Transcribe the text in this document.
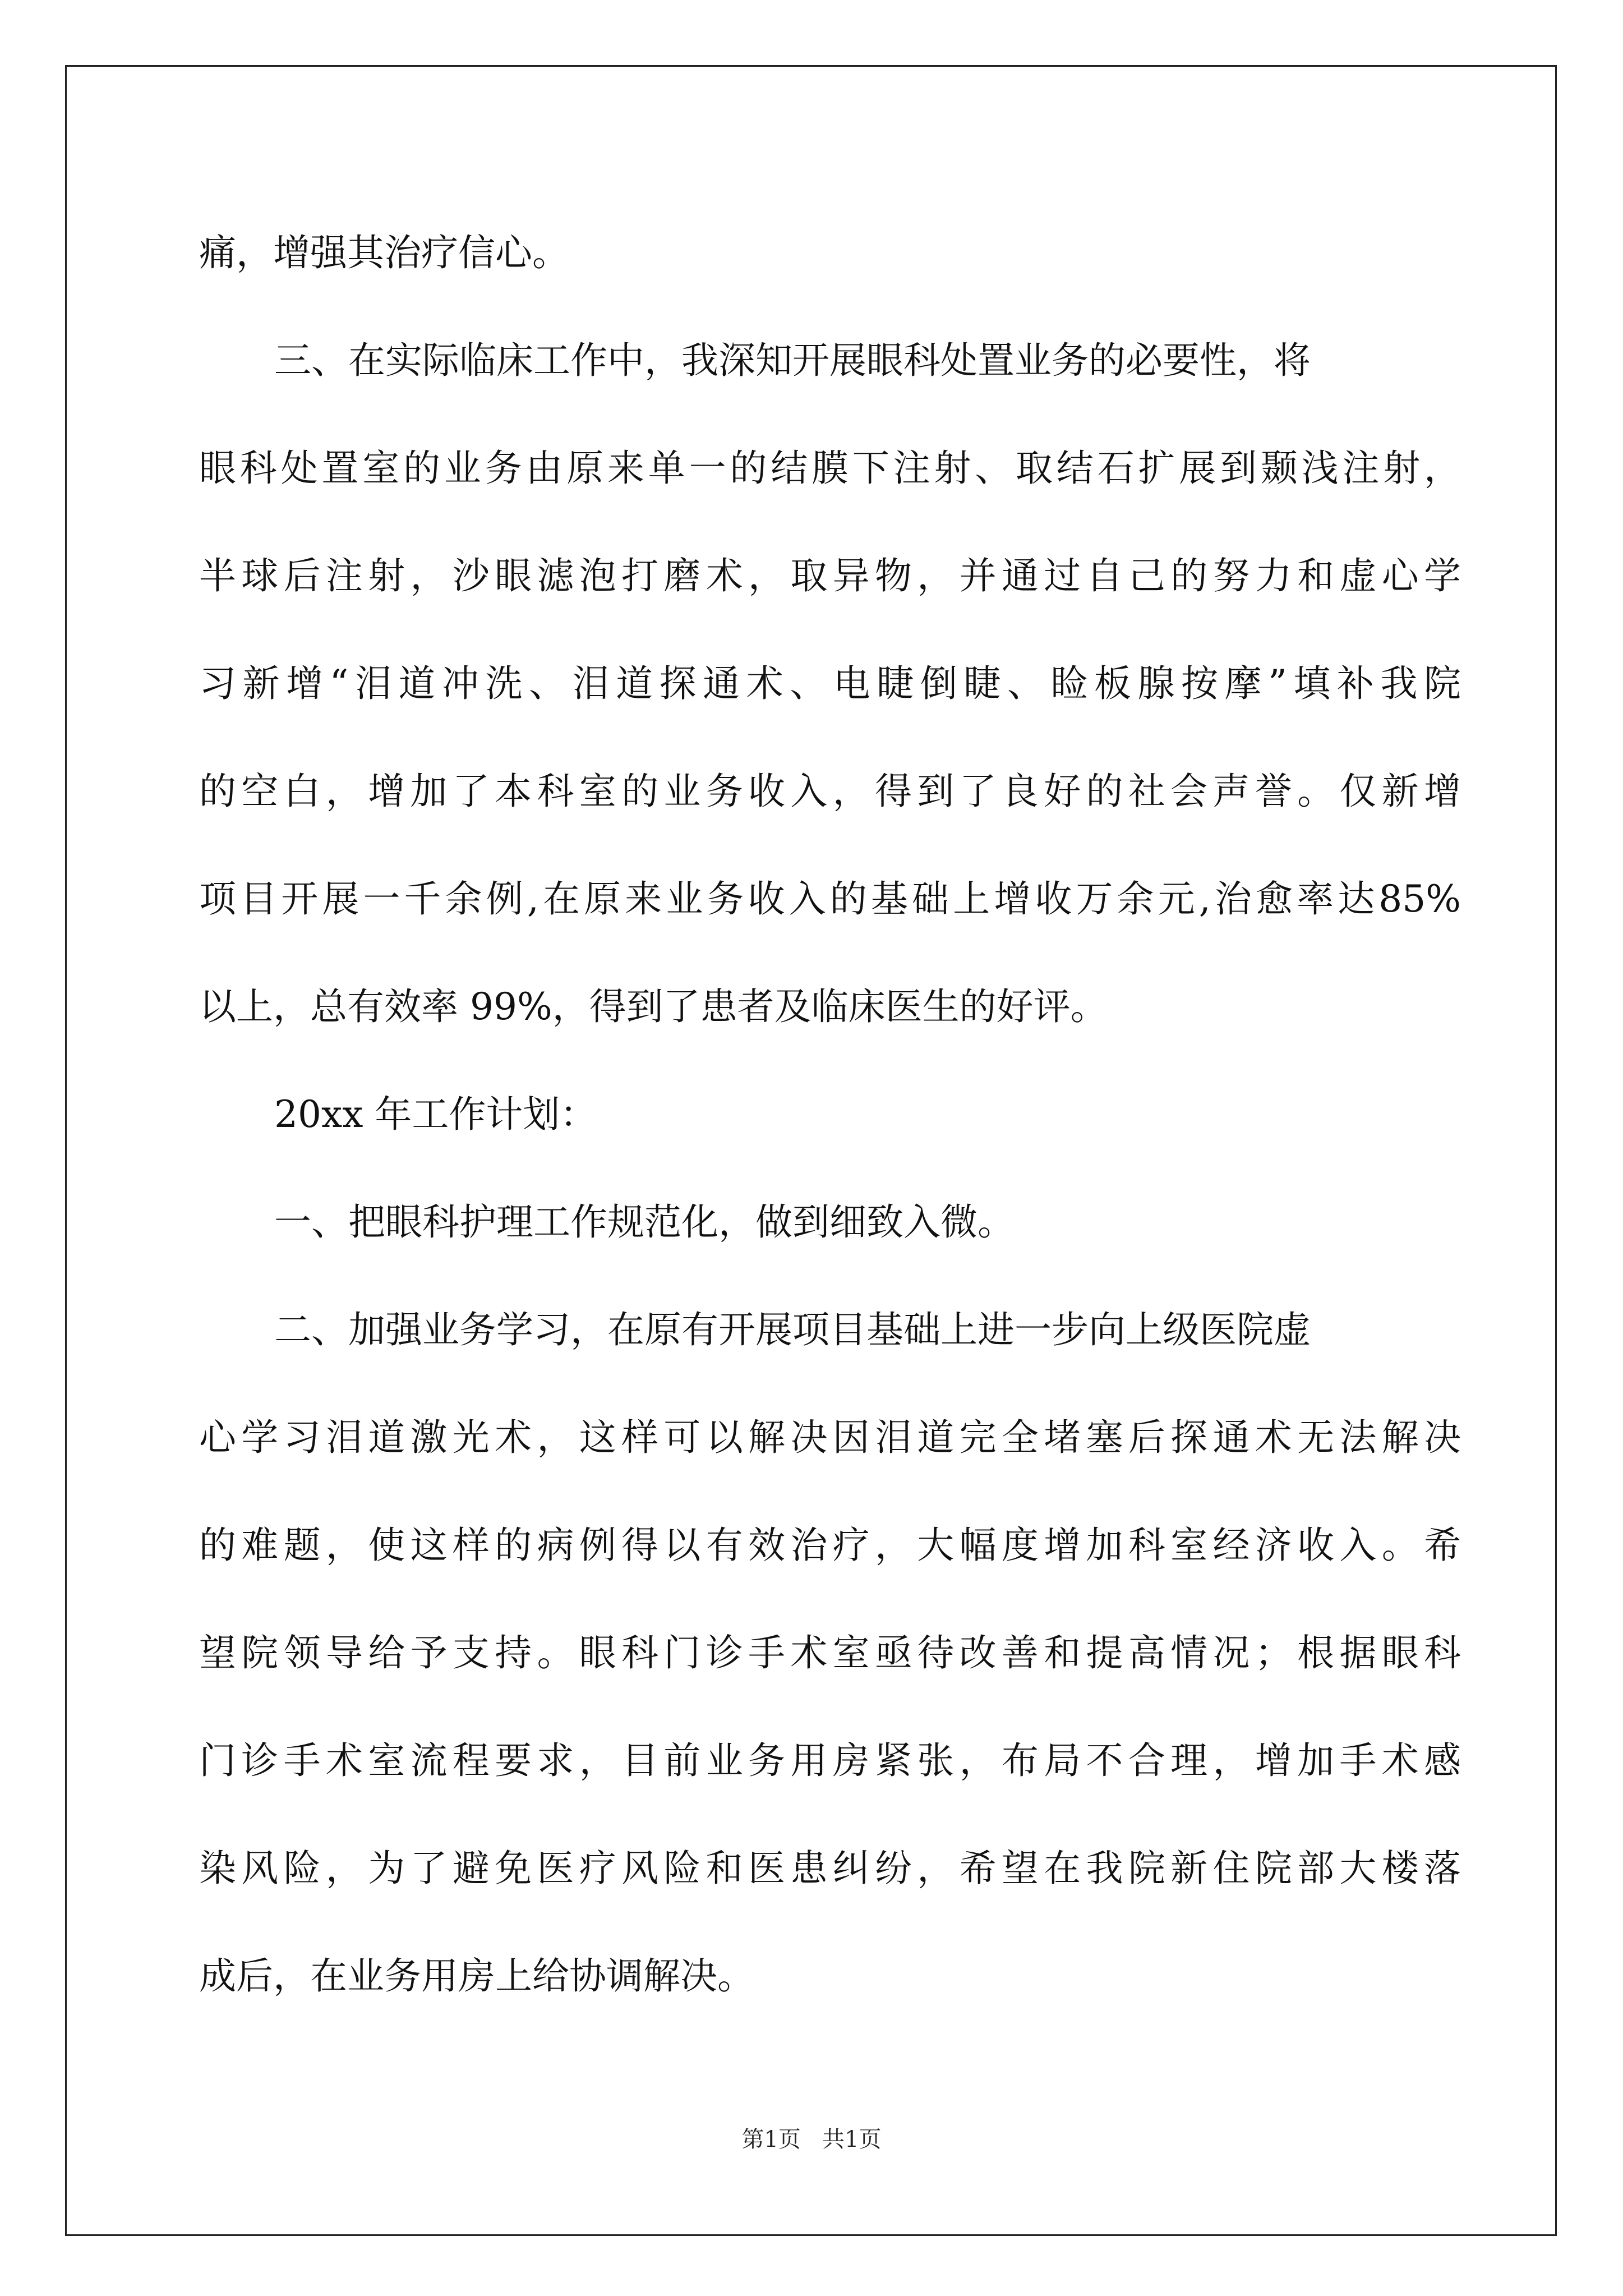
痛，增强其治疗信心。
三、在实际临床工作中，我深知开展眼科处置业务的必要性，将
眼科处置室的业务由原来单一的结膜下注射、取结石扩展到颞浅注射，
半球后注射，沙眼滤泡打磨术，取异物，并通过自己的努力和虚心学
习新增“泪道冲洗、泪道探通术、电睫倒睫、睑板腺按摩”填补我院
的空白，增加了本科室的业务收入，得到了良好的社会声誉。仅新增
项目开展一千余例,在原来业务收入的基础上增收万余元,治愈率达85%
以上，总有效率 99%，得到了患者及临床医生的好评。
20xx 年工作计划：
一、把眼科护理工作规范化，做到细致入微。
二、加强业务学习，在原有开展项目基础上进一步向上级医院虚
心学习泪道激光术，这样可以解决因泪道完全堵塞后探通术无法解决
的难题，使这样的病例得以有效治疗，大幅度增加科室经济收入。希
望院领导给予支持。眼科门诊手术室亟待改善和提高情况；根据眼科
门诊手术室流程要求，目前业务用房紧张，布局不合理，增加手术感
染风险，为了避免医疗风险和医患纠纷，希望在我院新住院部大楼落
成后，在业务用房上给协调解决。
第1页   共1页
